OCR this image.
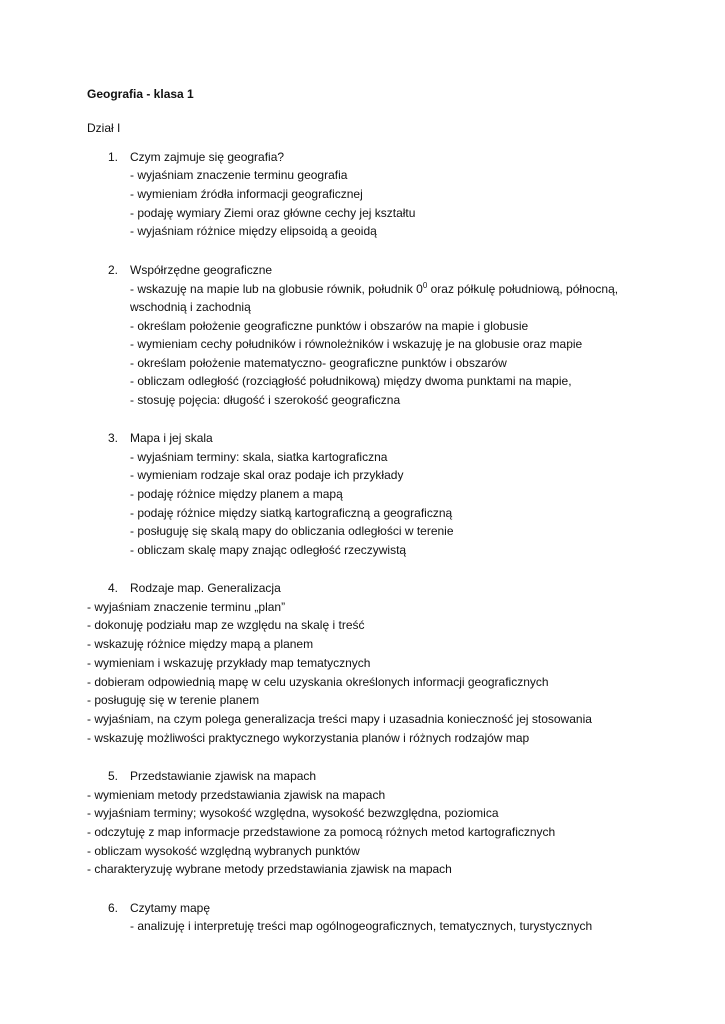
Geografia - klasa 1
Dział I
1. Czym zajmuje się geografia?
- wyjaśniam znaczenie terminu geografia
- wymieniam źródła informacji geograficznej
- podaję wymiary Ziemi oraz główne cechy jej kształtu
- wyjaśniam różnice między elipsoidą a geoidą
2. Współrzędne geograficzne
- wskazuję na mapie lub na globusie równik, południk $0^0$ oraz półkulę południową, północną,
wschodnią i zachodnią
- określam położenie geograficzne punktów i obszarów na mapie i globusie
- wymieniam cechy południków i równoleżników i wskazuję je na globusie oraz mapie
- określam położenie matematyczno- geograficzne punktów i obszarów
- obliczam odległość (rozciągłość południkową) między dwoma punktami na mapie,
- stosuję pojęcia: długość i szerokość geograficzna
3. Mapa i jej skala
- wyjaśniam terminy: skala, siatka kartograficzna
- wymieniam rodzaje skal oraz podaje ich przykłady
- podaję różnice między planem a mapą
- podaję różnice między siatką kartograficzną a geograficzną
- posługuję się skalą mapy do obliczania odległości w terenie
- obliczam skalę mapy znając odległość rzeczywistą
4. Rodzaje map. Generalizacja
- wyjaśniam znaczenie terminu „plan”
- dokonuję podziału map ze względu na skalę i treść
- wskazuję różnice między mapą a planem
- wymieniam i wskazuję przykłady map tematycznych
- dobieram odpowiednią mapę w celu uzyskania określonych informacji geograficznych
- posługuję się w terenie planem
- wyjaśniam, na czym polega generalizacja treści mapy i uzasadnia konieczność jej stosowania
- wskazuję możliwości praktycznego wykorzystania planów i różnych rodzajów map
5. Przedstawianie zjawisk na mapach
- wymieniam metody przedstawiania zjawisk na mapach
- wyjaśniam terminy; wysokość względna, wysokość bezwzględna, poziomica
- odczytuję z map informacje przedstawione za pomocą różnych metod kartograficznych
- obliczam wysokość względną wybranych punktów
- charakteryzuję wybrane metody przedstawiania zjawisk na mapach
6. Czytamy mapę
- analizuję i interpretuję treści map ogólnogeograficznych, tematycznych, turystycznych
